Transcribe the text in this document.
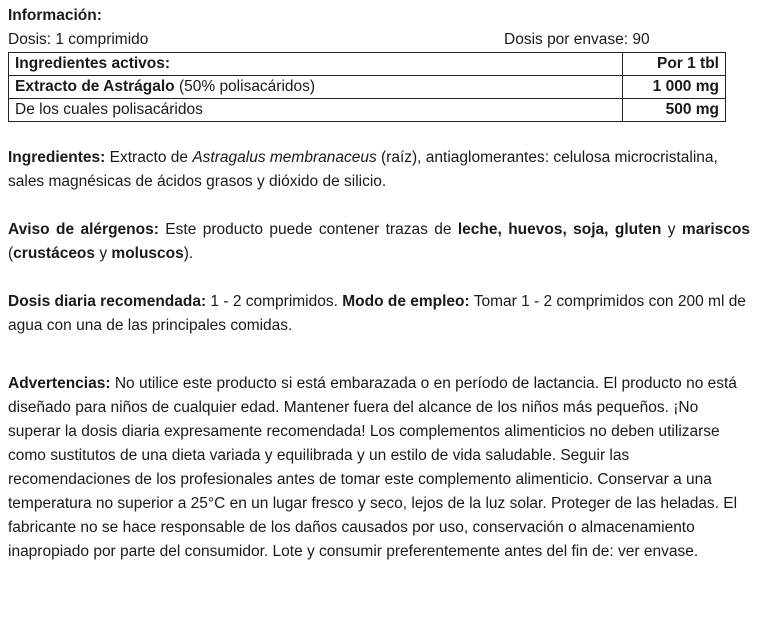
Información:
Dosis: 1 comprimido	Dosis por envase: 90
Ingredientes activos:	Por 1 tbl
Extracto de Astrágalo (50% polisacáridos)	1 000 mg
De los cuales polisacáridos	500 mg

Ingredientes: Extracto de Astragalus membranaceus (raíz), antiaglomerantes: celulosa microcristalina, sales magnésicas de ácidos grasos y dióxido de silicio.

Aviso de alérgenos: Este producto puede contener trazas de leche, huevos, soja, gluten y mariscos (crustáceos y moluscos).

Dosis diaria recomendada: 1 - 2 comprimidos. Modo de empleo: Tomar 1 - 2 comprimidos con 200 ml de agua con una de las principales comidas.

Advertencias: No utilice este producto si está embarazada o en período de lactancia. El producto no está diseñado para niños de cualquier edad. Mantener fuera del alcance de los niños más pequeños. ¡No superar la dosis diaria expresamente recomendada! Los complementos alimenticios no deben utilizarse como sustitutos de una dieta variada y equilibrada y un estilo de vida saludable. Seguir las recomendaciones de los profesionales antes de tomar este complemento alimenticio. Conservar a una temperatura no superior a 25°C en un lugar fresco y seco, lejos de la luz solar. Proteger de las heladas. El fabricante no se hace responsable de los daños causados por uso, conservación o almacenamiento inapropiado por parte del consumidor. Lote y consumir preferentemente antes del fin de: ver envase.
